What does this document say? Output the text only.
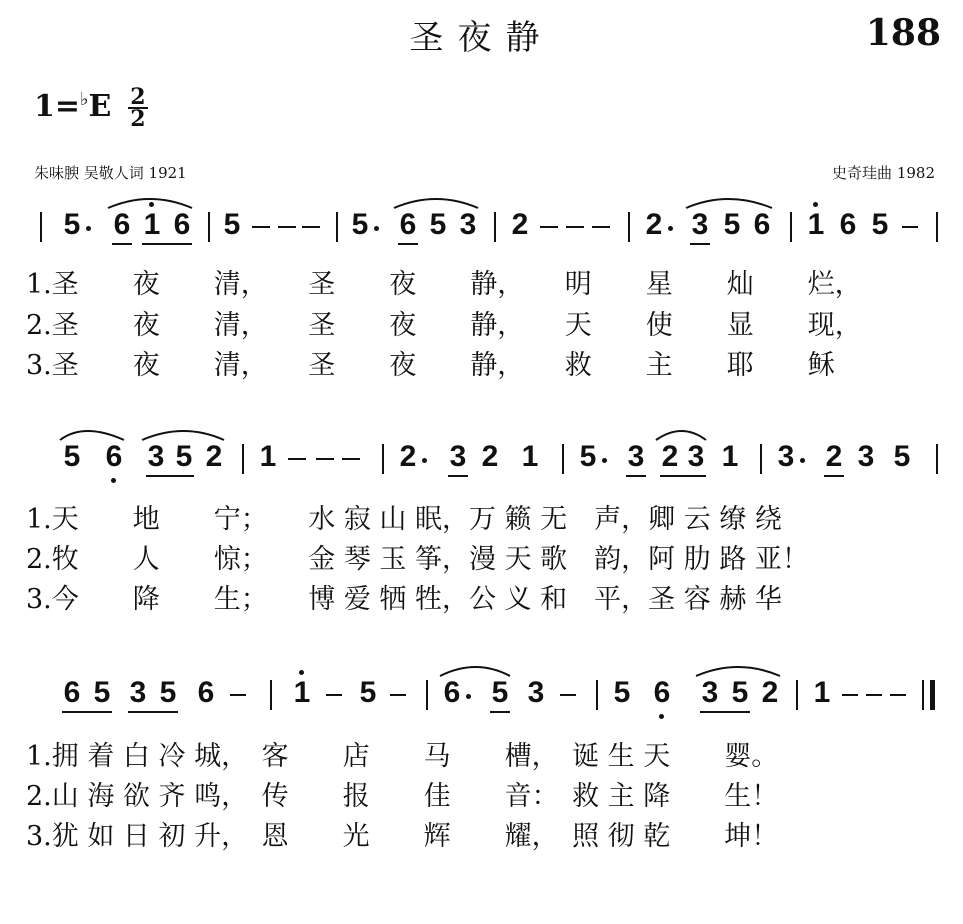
圣夜静	188
$1=^♭E \frac{2}{2}$
朱味腴 吴敬人词 1921	史奇珪曲 1982
5 6 1 6 5	5 6 5 3 2	2 3 5 6 1 6 5
1.圣　　夜　　清，　　圣　　夜　　静，　　明　　星　　灿　　烂，
2.圣　　夜　　清，　　圣　　夜　　静，　　天　　使　　显　　现，
3.圣　　夜　　清，　　圣　　夜　　静，　　救　　主　　耶　　稣
5 6 3 5 2 1	2 3 2 1 5 3 2 3 1 3 2 3 5
1.天　　地　　宁；　　水 寂 山 眠，万 籁 无　声，卿 云 缭 绕
2.牧　　人　　惊；　　金 琴 玉 筝，漫 天 歌　韵，阿 肋 路 亚！
3.今　　降　　生；　　博 爱 牺 牲，公 义 和　平，圣 容 赫 华
6 5 3 5 6	1 5 6 5 3 5 6 3 5 2 1
1.拥 着 白 冷 城，　客　　店　　马　　槽，　诞 生 天　　婴。
2.山 海 欲 齐 鸣，　传　　报　　佳　　音：　救 主 降　　生！
3.犹 如 日 初 升，　恩　　光　　辉　　耀，　照 彻 乾　　坤！
